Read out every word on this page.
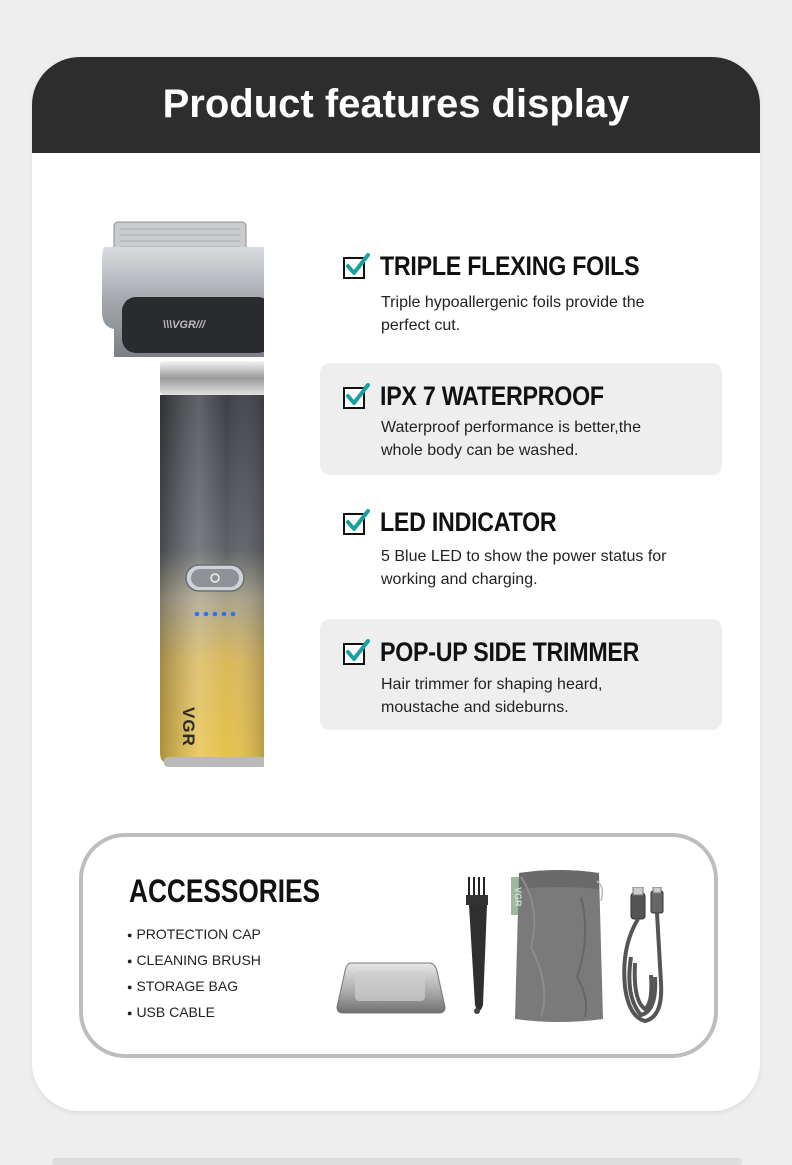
Product features display
\\\VGR///
VGR
TRIPLE FLEXING FOILS
Triple hypoallergenic foils provide the
perfect cut.
IPX 7 WATERPROOF
Waterproof performance is better,the
whole body can be washed.
LED INDICATOR
5 Blue LED to show the power status for
working and charging.
POP-UP SIDE TRIMMER
Hair trimmer for shaping heard,
moustache and sideburns.
ACCESSORIES
● PROTECTION CAP
● CLEANING BRUSH
● STORAGE BAG
● USB CABLE
VGR
